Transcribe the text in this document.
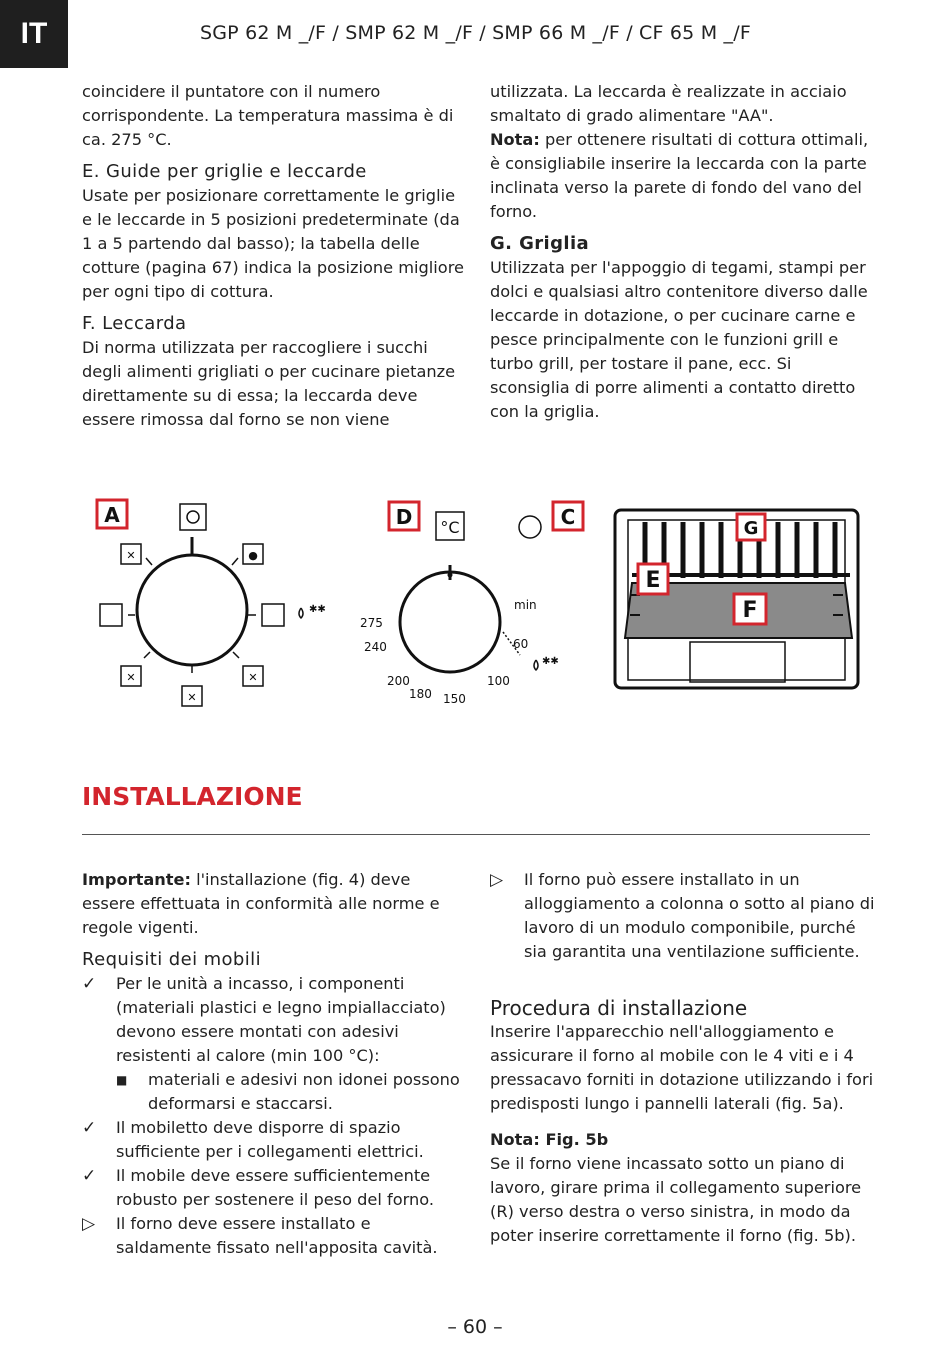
IT	SGP 62 M _/F / SMP 62 M _/F / SMP 66 M _/F / CF 65 M _/F

coincidere il puntatore con il numero corrispondente. La temperatura massima è di ca. 275 °C.

E. Guide per griglie e leccarde

Usate per posizionare correttamente le griglie e le leccarde in 5 posizioni predeterminate (da 1 a 5 partendo dal basso); la tabella delle cotture (pagina 67) indica la posizione migliore per ogni tipo di cottura.

F. Leccarda

Di norma utilizzata per raccogliere i succhi degli alimenti grigliati o per cucinare pietanze direttamente su di essa; la leccarda deve essere rimossa dal forno se non viene

utilizzata. La leccarda è realizzate in acciaio smaltato di grado alimentare "AA".

Nota: per ottenere risultati di cottura ottimali, è consigliabile inserire la leccarda con la parte inclinata verso la parete di fondo del vano del forno.

G. Griglia

Utilizzata per l'appoggio di tegami, stampi per dolci e qualsiasi altro contenitore diverso dalle leccarde in dotazione, o per cucinare carne e pesce principalmente con le funzioni grill e turbo grill, per tostare il pane, ecc. Si sconsiglia di porre alimenti a contatto diretto con la griglia.

✕	●
✕	✕
✕
✱✱
A
°C
275
240
200
180 150
100
60
min
✱✱
D	C	G
E
F
INSTALLAZIONE

Importante: l'installazione (fig. 4) deve essere effettuata in conformità alle norme e regole vigenti.

Requisiti dei mobili

✓	Per le unità a incasso, i componenti (materiali plastici e legno impiallacciato) devono essere montati con adesivi resistenti al calore (min 100 °C):
■ materiali e adesivi non idonei possono deformarsi e staccarsi.
✓	Il mobiletto deve disporre di spazio sufficiente per i collegamenti elettrici.
✓	Il mobile deve essere sufficientemente robusto per sostenere il peso del forno.
▷	Il forno deve essere installato e saldamente fissato nell'apposita cavità.
▷	Il forno può essere installato in un alloggiamento a colonna o sotto al piano di lavoro di un modulo componibile, purché sia garantita una ventilazione sufficiente.

Procedura di installazione

Inserire l'apparecchio nell'alloggiamento e assicurare il forno al mobile con le 4 viti e i 4 pressacavo forniti in dotazione utilizzando i fori predisposti lungo i pannelli laterali (fig. 5a).

Nota: Fig. 5b

Se il forno viene incassato sotto un piano di lavoro, girare prima il collegamento superiore (R) verso destra o verso sinistra, in modo da poter inserire correttamente il forno (fig. 5b).

– 60 –
